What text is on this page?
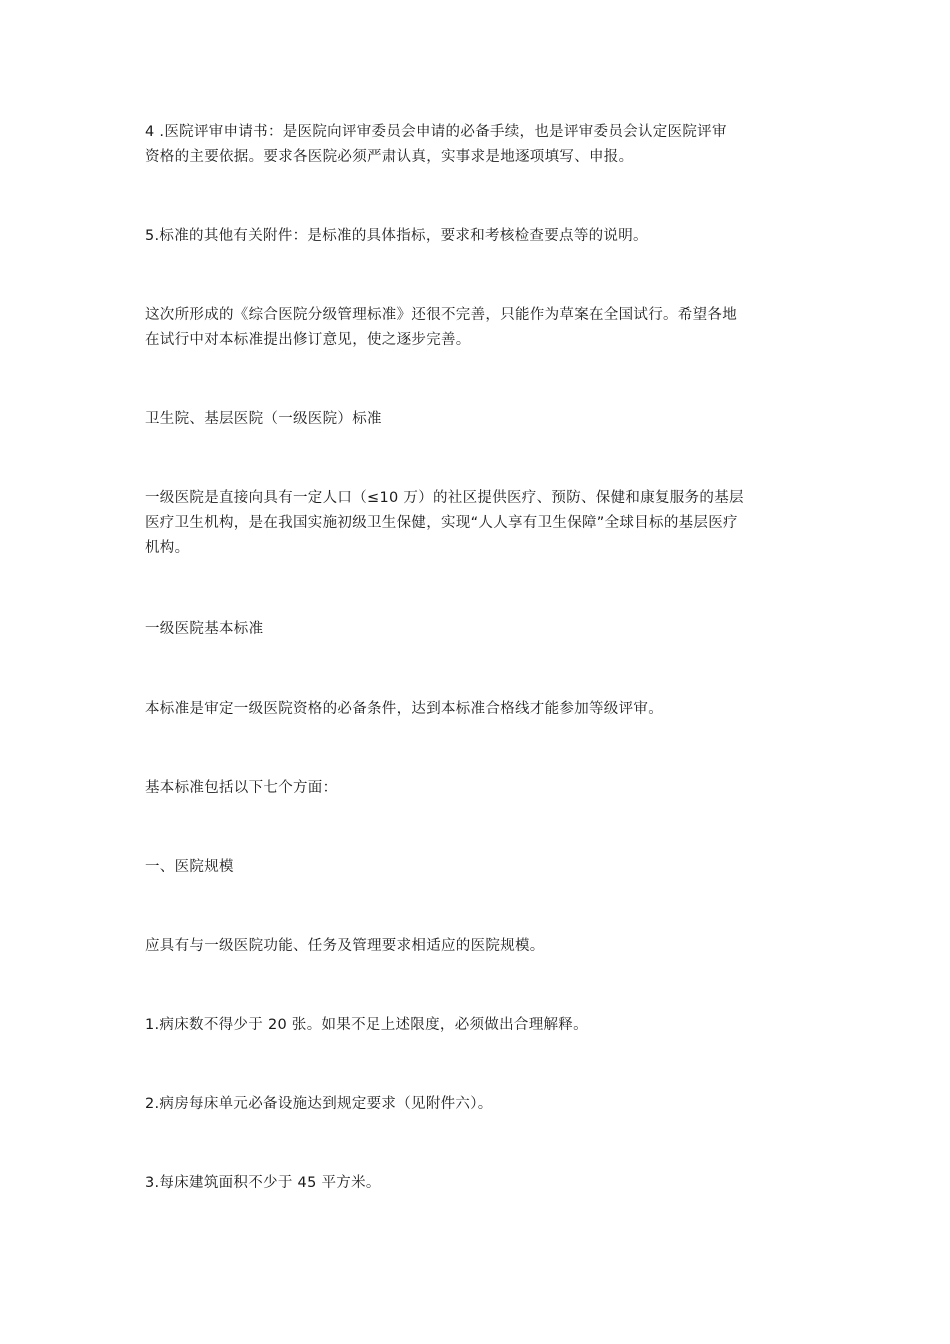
4 .医院评审申请书：是医院向评审委员会申请的必备手续，也是评审委员会认定医院评审
资格的主要依据。要求各医院必须严肃认真，实事求是地逐项填写、申报。

5.标准的其他有关附件：是标准的具体指标，要求和考核检查要点等的说明。

这次所形成的《综合医院分级管理标准》还很不完善，只能作为草案在全国试行。希望各地
在试行中对本标准提出修订意见，使之逐步完善。

卫生院、基层医院（一级医院）标准

一级医院是直接向具有一定人口（≤10 万）的社区提供医疗、预防、保健和康复服务的基层
医疗卫生机构，是在我国实施初级卫生保健，实现“人人享有卫生保障”全球目标的基层医疗
机构。

一级医院基本标准

本标准是审定一级医院资格的必备条件，达到本标准合格线才能参加等级评审。

基本标准包括以下七个方面：

一、医院规模

应具有与一级医院功能、任务及管理要求相适应的医院规模。

1.病床数不得少于 20 张。如果不足上述限度，必须做出合理解释。

2.病房每床单元必备设施达到规定要求（见附件六）。

3.每床建筑面积不少于 45 平方米。
